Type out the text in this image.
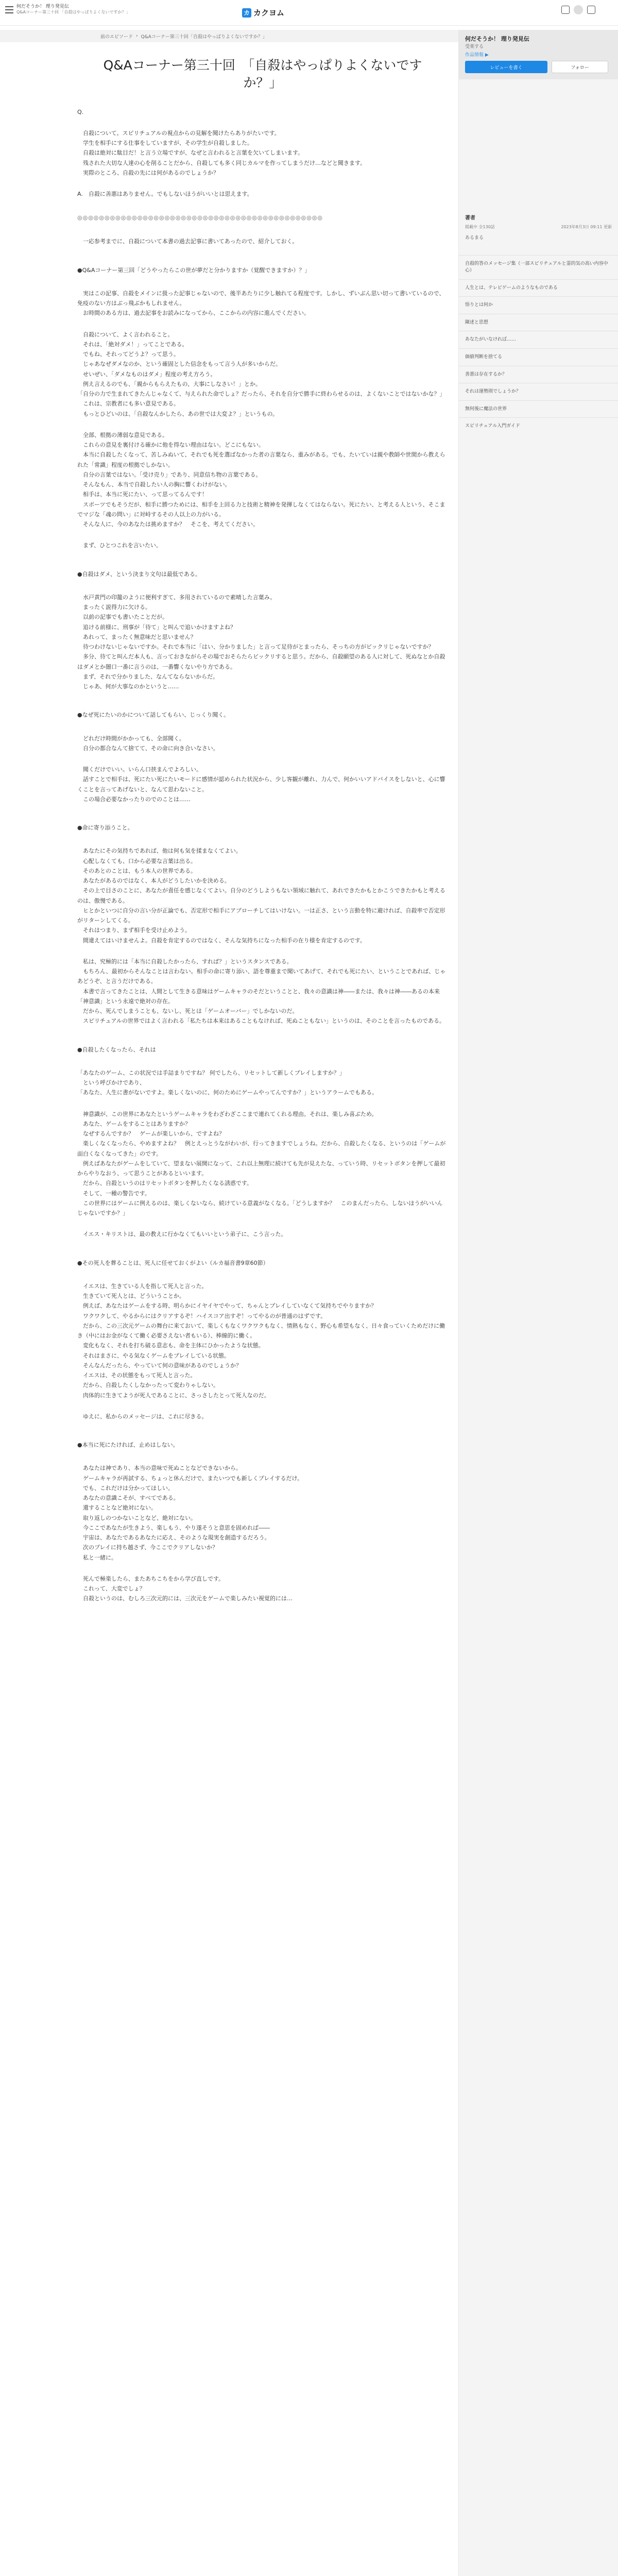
何だそうか！ 理り発見伝
Q&Aコーナー第三十回 「自殺はやっぱりよくないですか？」	カ カクヨム
前のエピソード › Q&Aコーナー第三十回「自殺はやっぱりよくないですか？」
Q&Aコーナー第三十回　「自殺はやっぱりよくないですか？」

Q.

　自殺について。スピリチュアルの視点からの見解を聞けたらありがたいです。
　学生を相手にする仕事をしていますが、その学生が自殺しました。
　自殺は絶対に駄目だ！と言う立場ですが、なぜと言われると言葉を欠いてしまいます。
　残された大切な人達の心を削ることだから、自殺しても多く同じカルマを作ってしまうだけ…などと聞きます。
　実際のところ、自殺の先には何があるのでしょうか？

A.　自殺に善悪はありません。でもしないほうがいいとは思えます。

◎◎◎◎◎◎◎◎◎◎◎◎◎◎◎◎◎◎◎◎◎◎◎◎◎◎◎◎◎◎◎◎◎◎◎◎◎◎◎◎◎◎◎◎◎

　一応参考までに、自殺について本書の過去記事に書いてあったので、紹介しておく。

●Q&Aコーナー第三回「どうやったらこの世が夢だと分かりますか（覚醒できますか）？」

　実はこの記事、自殺をメインに扱った記事じゃないので、後半あたりに少し触れてる程度です。しかし、ずいぶん思い切って書いているので、免疫のない方はぶっ飛ぶかもしれません。
　お時間のある方は、過去記事をお読みになってから、ここからの内容に進んでください。

　自殺について、よく言われること。
　それは、「絶対ダメ！」ってことである。
　でもね、それってどうよ？って思う。
　じゃあなぜダメなのか、という確固とした信念をもって言う人が多いからだ。
　せいぜい、「ダメなものはダメ」程度の考え方ろう。
　例え言えるのでも、「親からもらえたもの、大事にしなさい！」とか。
「自分の力で生まれてきたんじゃなくて、与えられた命でしょ？だったら、それを自分で勝手に終わらせるのは、よくないことではないかな？」
　これは、宗教者にも多い意見である。
　もっとひどいのは、「自殺なんかしたら、あの世では大変よ？」というもの。

　全部、根拠の薄弱な意見である。
　これらの意見を裏付ける確かに他を得ない理由はない。どこにもない。
　本当に自殺したくなって、苦しみぬいて、それでも死を選ばなかった者の言葉なら、重みがある。でも、たいていは親や教師や世間から教えられた「常識」程度の根拠でしかない。
　自分の言葉ではない。「受け売り」であり、同意信ち物の言葉である。
　そんなもん、本当で自殺したい人の胸に響くわけがない。
　相手は、本当に死にたい、って思ってるんです！
　スポーツでもそうだが、相手に勝つためには、相手を上回る力と技術と精神を発揮しなくてはならない。死にたい、と考える人という、そこまでマジな「魂の問い」に対峙するその人以上の力がいる。
　そんな人に、今のあなたは挑めますか？　そこを、考えてください。

　まず、ひとつこれを言いたい。

●自殺はダメ、という決まり文句は最低である。

　水戸黄門の印籠のように便利すぎて、多用されているので素晴した言葉み。
　まったく説得力に欠ける。
　以前の記事でも書いたことだが。
　追ける前様に、刑事が「待て」と叫んで追いかけますよね？
　あれって、まったく無意味だと思いません？
　待つわけないじゃないですか。それで本当に「はい、分かりました」と言って足待がとまったら、そっちの方がビックリじゃないですか？
　多分、待てと叫んだ本人も、言っておきながらその場でおそらたらビックリすると思う。だから、自殺願望のある人に対して、死ぬなとか自殺はダメとか闇口一番に言うのは、一番響くないやり方である。
　まず、それで分かりました、なんてならないからだ。
　じゃあ、何が大事なのかというと……

●なぜ死にたいのかについて話してもらい、じっくり聞く。

　どれだけ時間がかかっても、全部聞く。
　自分の都合なんて捨てて、その命に向き合いなさい。

　聞くだけでいい。いらん口挟まんでよろしい。
　話すことで相手は、死にたい死にたいモードに感情が認められた状況から、少し客観が離れ、力んで、何かいいアドバイスをしないと、心に響くことを言ってあげないと、なんて思わないこと。
　この場合必要なかったりのでのことは……

●命に寄り添うこと。

　あなたにその気持ちであれば、他は何も気を揉まなくてよい。
　心配しなくても、口から必要な言葉は出る。
　そのあとのことは、もう本人の世界である。
　あなたがあるのではなく、本人がどうしたいかを決める。
　その上で目さのことに、あなたが責任を感じなくてよい。自分のどうしようもない領域に触れて、あれできたかもとかこうできたかもと考えるのは、傲慢である。
　ヒとかといつに自分の言い分が正論でも、否定形で相手にアプローチしてはいけない。一は正さ、という言動を特に避ければ、自殺率で否定形がリターンしてくる。
　それはつまり、まず相手を受け止めよう。
　間違えてはいけませんよ。自殺を肯定するのではなく、そんな気持ちになった相手の在り様を肯定するのです。

　私は、究極的には「本当に自殺したかったら、すれば？」というスタンスである。
　もちろん、最初からそんなことは言わない。相手の命に寄り添い、語を尊重まで聞いてあげて、それでも死にたい、ということであれば、じゃあどうぞ、と言うだけである。
　本書で言ってきたことは、人間として生きる意味はゲームキャラのそだということと、我々の意識は神――または、我々は神――あるの本来「神意識」という永遠で絶対の存在。
　だから、死んでしまうことも、ないし、死とは「ゲームオーバー」でしかないのだ。
　スピリチュアルの世界ではよく言われる「私たちは本来はあることもなければ、死ぬこともない」というのは、そのことを言ったものである。

●自殺したくなったら、それは

「あなたのゲーム、この状況では手詰まりですね？ 何でしたら、リセットして新しくプレイしますか？」
　という呼びかけであり、
「あなた、人生に書がないですよ。楽しくないのに、何のためにゲームやってんですか？」というアラームでもある。

　神意識が、この世界にあなたというゲームキャラをわざわざここまで連れてくれる理由。それは、楽しみ喜ぶため。
　あなた、ゲームをすることはありますか？
　なぜするんですか？　ゲームが楽しいから、ですよね？
　楽しくなくなったら、やめますよね？　例とえっとうながわいが、行ってきますでしょうね。だから、自殺したくなる、というのは「ゲームが面白くなくなってきた」のです。
　例えばあなたがゲームをしていて、望まない展開になって、これ以上無理に続けても先が見えたな、っていう時、リセットボタンを押して最初からやりなおう、って思うことがあるといいます。
　だから、自殺というのはリセットボタンを押したくなる誘惑です。
　そして、一種の警告です。
　この世界にはゲームに例えるのは、楽しくないなら、続けている意義がなくなる。「どうしますか？　このまんだったら、しないほうがいいんじゃないですか？」

　イエス・キリストは、最の教えに行かなくてもいいという弟子に、こう言った。

●その死人を葬ることは、死人に任せておくがよい（ルカ福音書9章60節）

　イエスは、生きている人を指して死人と言った。
　生きていて死人とは、どういうことか。
　例えば、あなたはゲームをする時、明らかにイヤイヤでやって、ちゃんとプレイしていなくて気持ちでやりますか？
　ワクワクして、やるからにはクリアするぞ！ハイスコア出すぞ！ってやるのが普通のはずです。
　だから、この三次元ゲームの舞台に来ておいて、楽しくもなくワクワクもなく、情熱もなく、野心も希望もなく、日々食っていくためだけに働き（中にはお金がなくて働く必要さえない者もいる）、棒線的に働く。
　変化もなく、それを打ち破る意志も、命を主体にひかったような状態。
　それはまさに、やる気なくゲームをプレイしている状態。
　そんなんだったら、やっていて何の意味があるのでしょうか？
　イエスは、その状態をもって死人と言った。
　だから、自殺したくしなかったって変わりゃしない。
　肉体的に生きてようが死人であることに、さっさしたとって死人なのだ。

　ゆえに、私からのメッセージは、これに尽きる。

●本当に死にたければ、止めはしない。

　あなたは神であり、本当の意味で死ぬことなどできないから。
　ゲームキャラが再試する、ちょっと休んだけで、またいつでも新しくプレイするだけ。
　でも、これだけは分かってほしい。
　あなたの意識こそが、すべてである。
　還することなど絶対にない。
　取り返しのつかないことなど、絶対にない。
　今ここであなたが生きよう、楽しもう、やり遂そうと意思を固めれば――
　宇宙は、あなたであるあなたに応え、そのような現実を創造するだろう。
　次のプレイに持ち越さず、今ここでクリアしないか？
　私と一緒に。

　死んで極楽したら、またあちこちをから学び直しです。
　これって、大変でしょ？
　自殺というのは、むしろ三次元的には、三次元をゲームで楽しみたい視覚的には…

何だそうか！ 理り発見伝
受楽する
作品情報 ▶
レビューを書く	フォロー
著者
掲載中 全130話	2023年8月3日 09:11 更新
あるまる
自殺的答のメッセージ集（一部スピリチュアルと霊的気の高い内容中心）
人生とは、テレビゲームのようなものである
悟りとは何か
陳述と思想
あなたがいなければ……
価値判断を捨てる
善悪は存在するか？
それは運勢則でしょうか？
無何後に魔法の世界
スピリチュアル入門ガイド
